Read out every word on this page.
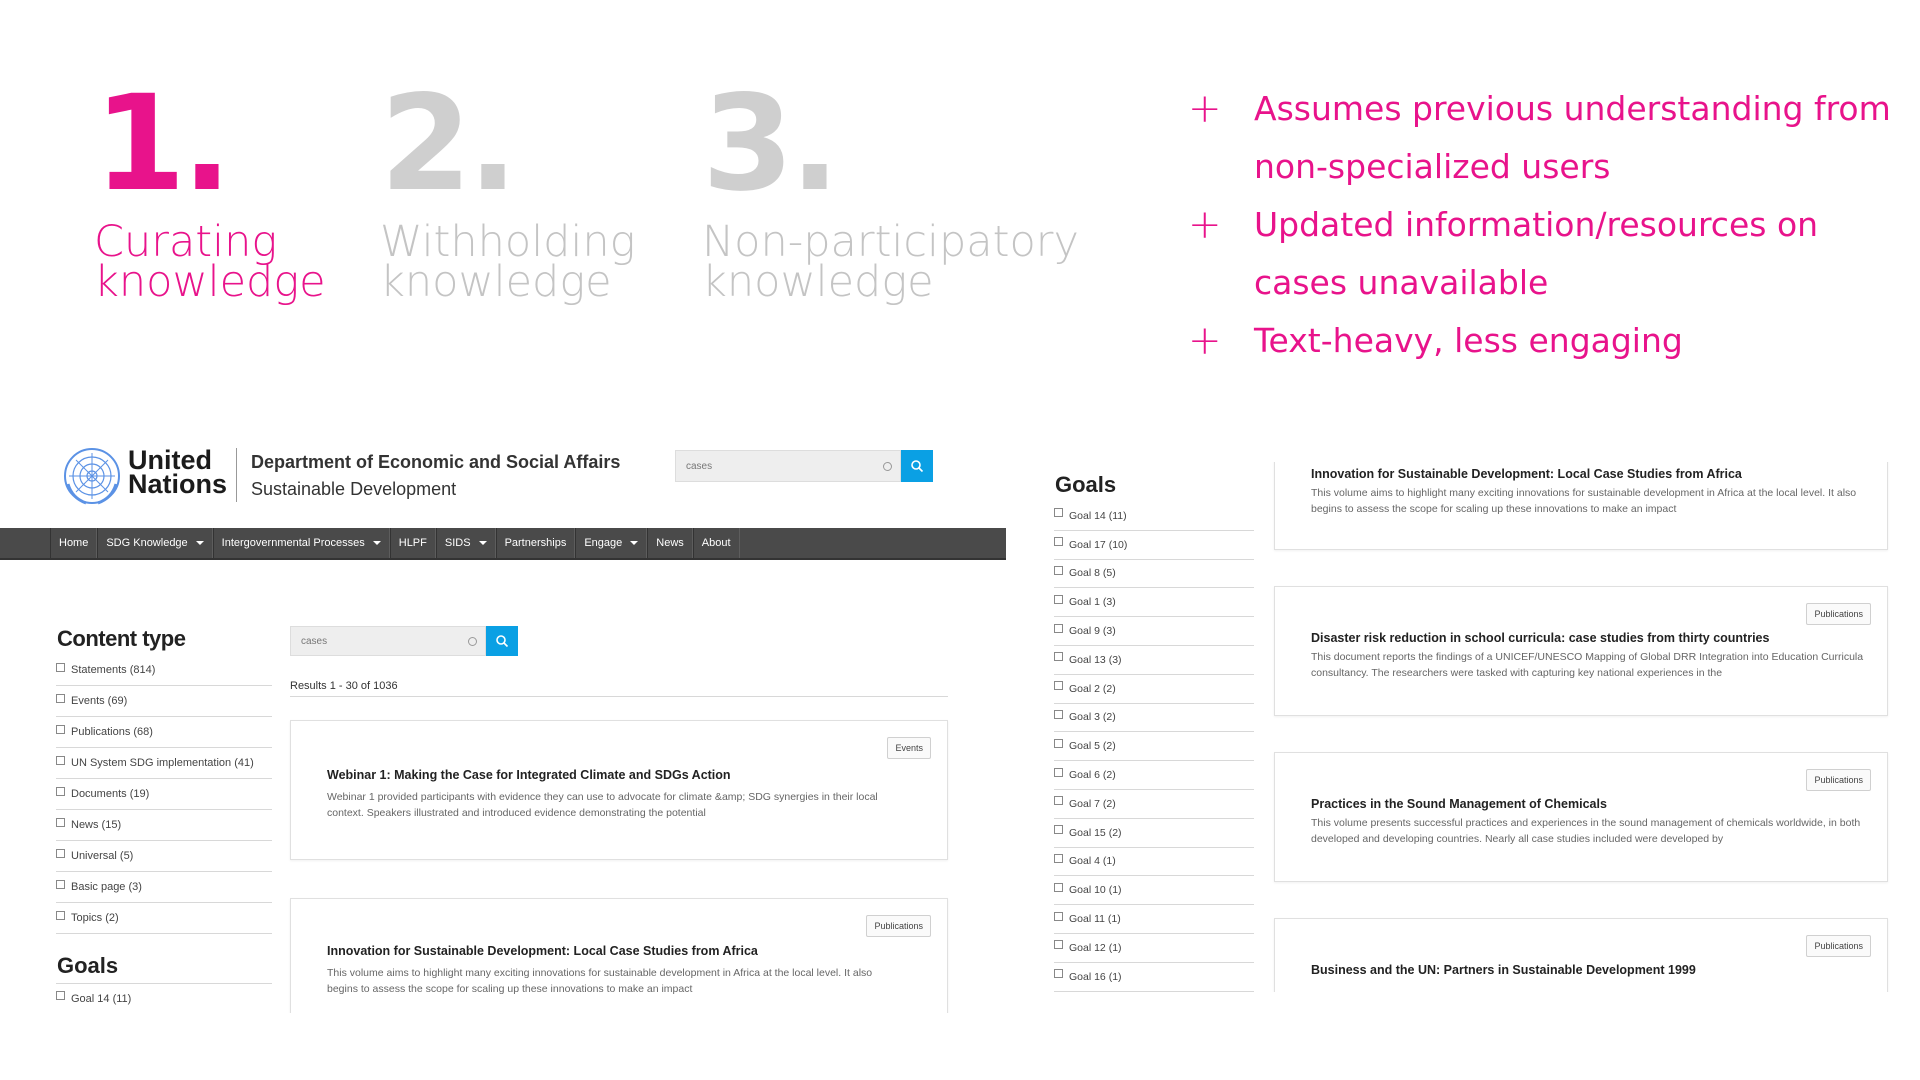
1.
Curating
knowledge
2.
Withholding
knowledge
3.
Non-participatory
knowledge
+ Assumes previous understanding from non-specialized users
+ Updated information/resources on cases unavailable
+ Text-heavy, less engaging
United
Nations
Department of Economic and Social Affairs
Sustainable Development
cases
Home SDG Knowledge	Intergovernmental Processes	HLPF SIDS	Partnerships Engage	News About
Content type
Statements (814)
Events (69)
Publications (68)
UN System SDG implementation (41)
Documents (19)
News (15)
Universal (5)
Basic page (3)
Topics (2)
Goals
Goal 14 (11)
cases
Results 1 - 30 of 1036
Events
Webinar 1: Making the Case for Integrated Climate and SDGs Action
Webinar 1 provided participants with evidence they can use to advocate for climate &amp; SDG synergies in their local
context. Speakers illustrated and introduced evidence demonstrating the potential
Publications
Innovation for Sustainable Development: Local Case Studies from Africa
This volume aims to highlight many exciting innovations for sustainable development in Africa at the local level. It also
begins to assess the scope for scaling up these innovations to make an impact
Goals
Goal 14 (11)
Goal 17 (10)
Goal 8 (5)
Goal 1 (3)
Goal 9 (3)
Goal 13 (3)
Goal 2 (2)
Goal 3 (2)
Goal 5 (2)
Goal 6 (2)
Goal 7 (2)
Goal 15 (2)
Goal 4 (1)
Goal 10 (1)
Goal 11 (1)
Goal 12 (1)
Goal 16 (1)
Innovation for Sustainable Development: Local Case Studies from Africa
This volume aims to highlight many exciting innovations for sustainable development in Africa at the local level. It also
begins to assess the scope for scaling up these innovations to make an impact
Publications
Disaster risk reduction in school curricula: case studies from thirty countries
This document reports the findings of a UNICEF/UNESCO Mapping of Global DRR Integration into Education Curricula
consultancy. The researchers were tasked with capturing key national experiences in the
Publications
Practices in the Sound Management of Chemicals
This volume presents successful practices and experiences in the sound management of chemicals worldwide, in both
developed and developing countries. Nearly all case studies included were developed by
Publications
Business and the UN: Partners in Sustainable Development 1999
